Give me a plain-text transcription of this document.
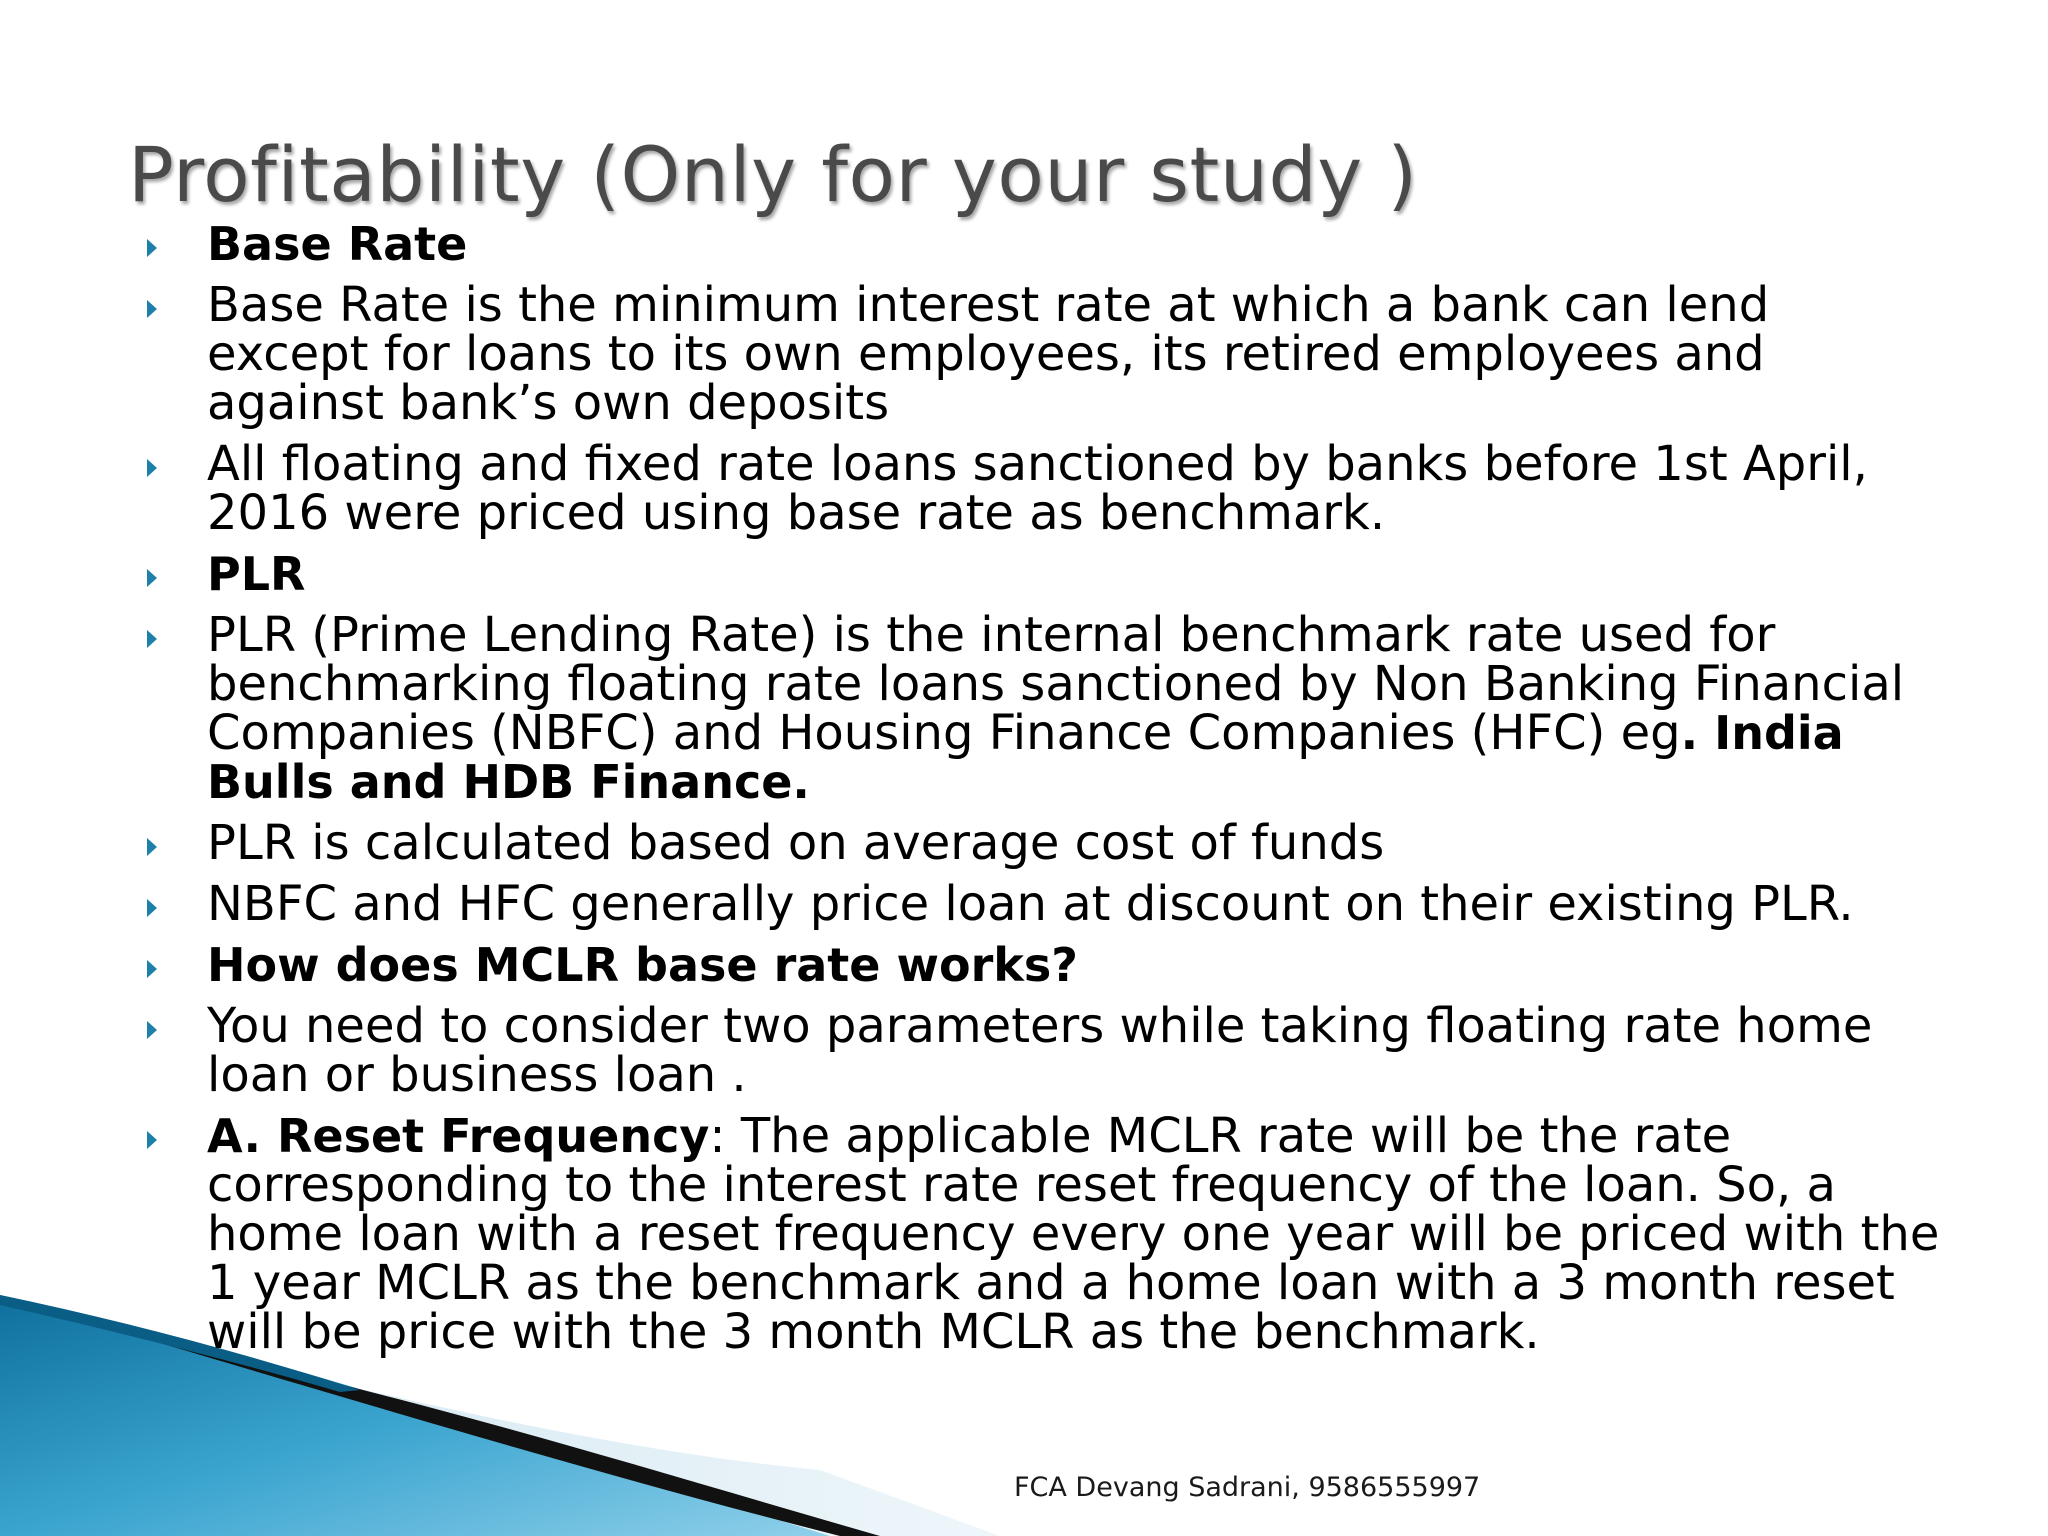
Profitability (Only for your study )
Base Rate
Base Rate is the minimum interest rate at which a bank can lend except for loans to its own employees, its retired employees and against bank’s own deposits
All floating and fixed rate loans sanctioned by banks before 1st April, 2016 were priced using base rate as benchmark.
PLR
PLR (Prime Lending Rate) is the internal benchmark rate used for benchmarking floating rate loans sanctioned by Non Banking Financial Companies (NBFC) and Housing Finance Companies (HFC) eg. India Bulls and HDB Finance.
PLR is calculated based on average cost of funds
NBFC and HFC generally price loan at discount on their existing PLR.
How does MCLR base rate works?
You need to consider two parameters while taking floating rate home loan or business loan .
A. Reset Frequency: The applicable MCLR rate will be the rate corresponding to the interest rate reset frequency of the loan. So, a home loan with a reset frequency every one year will be priced with the 1 year MCLR as the benchmark and a home loan with a 3 month reset will be price with the 3 month MCLR as the benchmark.
FCA Devang Sadrani, 9586555997
